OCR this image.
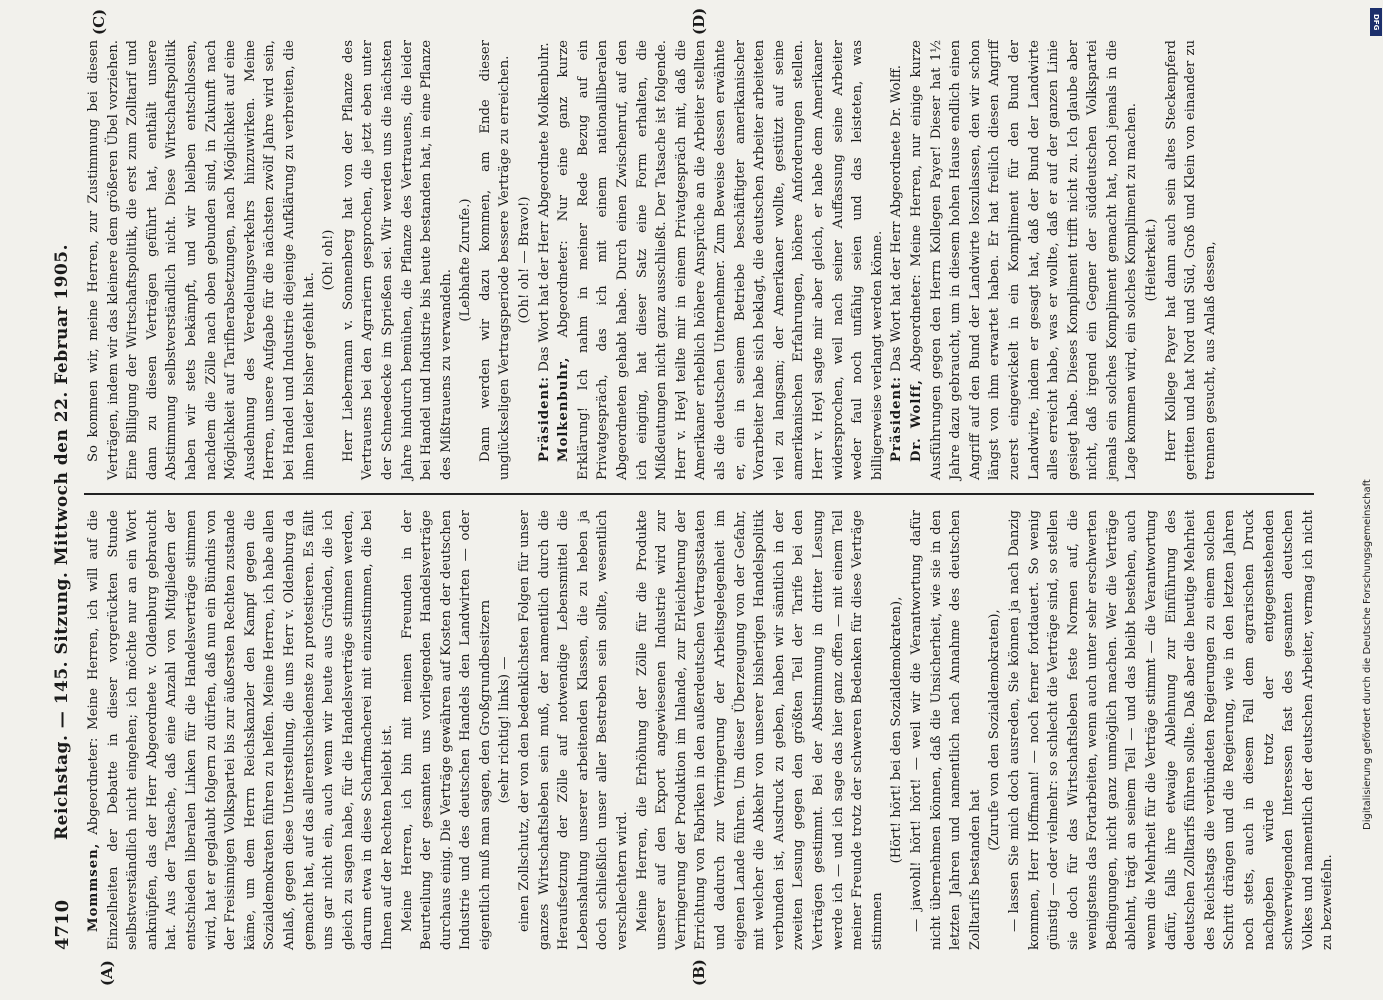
4710
Reichstag. — 145. Sitzung. Mittwoch den 22. Februar 1905.
(A)	(B)
(C)	(D)

Mommsen, Abgeordneter: Meine Herren, ich will auf die Einzelheiten der Debatte in dieser vorgerückten Stunde selbstverständlich nicht eingehen; ich möchte nur an ein Wort anknüpfen, das der Herr Abgeordnete v. Oldenburg gebraucht hat. Aus der Tatsache, daß eine Anzahl von Mitgliedern der entschieden liberalen Linken für die Handelsverträge stimmen wird, hat er geglaubt folgern zu dürfen, daß nun ein Bündnis von der Freisinnigen Volkspartei bis zur äußersten Rechten zustande käme, um dem Herrn Reichskanzler den Kampf gegen die Sozialdemokraten führen zu helfen. Meine Herren, ich habe allen Anlaß, gegen diese Unterstellung, die uns Herr v. Oldenburg da gemacht hat, auf das allerentschiedenste zu protestieren. Es fällt uns gar nicht ein, auch wenn wir heute aus Gründen, die ich gleich zu sagen habe, für die Handelsverträge stimmen werden, darum etwa in diese Scharfmacherei mit einzustimmen, die bei Ihnen auf der Rechten beliebt ist. Meine Herren, ich bin mit meinen Freunden in der Beurteilung der gesamten uns vorliegenden Handelsverträge durchaus einig. Die Verträge gewähren auf Kosten der deutschen Industrie und des deutschen Handels den Landwirten — oder eigentlich muß man sagen, den Großgrundbesitzern (sehr richtig! links) — einen Zollschutz, der von den bedenklichsten Folgen für unser ganzes Wirtschaftsleben sein muß, der namentlich durch die Heraufsetzung der Zölle auf notwendige Lebensmittel die Lebenshaltung unserer arbeitenden Klassen, die zu heben ja doch schließlich unser aller Bestreben sein sollte, wesentlich verschlechtern wird. Meine Herren, die Erhöhung der Zölle für die Produkte unserer auf den Export angewiesenen Industrie wird zur Verringerung der Produktion im Inlande, zur Erleichterung der Errichtung von Fabriken in den außerdeutschen Vertragsstaaten und dadurch zur Verringerung der Arbeitsgelegenheit im eigenen Lande führen. Um dieser Überzeugung von der Gefahr, mit welcher die Abkehr von unserer bisherigen Handelspolitik verbunden ist, Ausdruck zu geben, haben wir sämtlich in der zweiten Lesung gegen den größten Teil der Tarife bei den Verträgen gestimmt. Bei der Abstimmung in dritter Lesung werde ich — und ich sage das hier ganz offen — mit einem Teil meiner Freunde trotz der schweren Bedenken für diese Verträge stimmen

(Hört! hört! bei den Sozialdemokraten), — jawohl! hört! hört! — weil wir die Verantwortung dafür nicht übernehmen können, daß die Unsicherheit, wie sie in den letzten Jahren und namentlich nach Annahme des deutschen Zolltarifs bestanden hat

(Zurufe von den Sozialdemokraten), — lassen Sie mich doch ausreden, Sie können ja nach Danzig kommen, Herr Hoffmann! — noch ferner fortdauert. So wenig günstig — oder vielmehr: so schlecht die Verträge sind, so stellen sie doch für das Wirtschaftsleben feste Normen auf, die wenigstens das Fortarbeiten, wenn auch unter sehr erschwerten Bedingungen, nicht ganz unmöglich machen. Wer die Verträge ablehnt, trägt an seinem Teil — und das bleibt bestehen, auch wenn die Mehrheit für die Verträge stimmt — die Verantwortung dafür, falls ihre etwaige Ablehnung zur Einführung des deutschen Zolltarifs führen sollte. Daß aber die heutige Mehrheit des Reichstags die verbündeten Regierungen zu einem solchen Schritt drängen und die Regierung, wie in den letzten Jahren noch stets, auch in diesem Fall dem agrarischen Druck nachgeben würde trotz der entgegenstehenden schwerwiegenden Interessen fast des gesamten deutschen Volkes und namentlich der deutschen Arbeiter, vermag ich nicht zu bezweifeln.

So kommen wir, meine Herren, zur Zustimmung bei diesen Verträgen, indem wir das kleinere dem größeren Übel vorziehen. Eine Billigung der Wirtschaftspolitik, die erst zum Zolltarif und dann zu diesen Verträgen geführt hat, enthält unsere Abstimmung selbstverständlich nicht. Diese Wirtschaftspolitik haben wir stets bekämpft, und wir bleiben entschlossen, nachdem die Zölle nach oben gebunden sind, in Zukunft nach Möglichkeit auf Tarifherabsetzungen, nach Möglichkeit auf eine Ausdehnung des Veredelungsverkehrs hinzuwirken. Meine Herren, unsere Aufgabe für die nächsten zwölf Jahre wird sein, bei Handel und Industrie diejenige Aufklärung zu verbreiten, die ihnen leider bisher gefehlt hat.

(Oh! oh!) Herr Liebermann v. Sonnenberg hat von der Pflanze des Vertrauens bei den Agrariern gesprochen, die jetzt eben unter der Schneedecke im Sprießen sei. Wir werden uns die nächsten Jahre hindurch bemühen, die Pflanze des Vertrauens, die leider bei Handel und Industrie bis heute bestanden hat, in eine Pflanze des Mißtrauens zu verwandeln.

(Lebhafte Zurufe.) Dann werden wir dazu kommen, am Ende dieser unglückseligen Vertragsperiode bessere Verträge zu erreichen. (Oh! oh! — Bravo!)

Präsident: Das Wort hat der Herr Abgeordnete Molkenbuhr.

Molkenbuhr, Abgeordneter: Nur eine ganz kurze Erklärung! Ich nahm in meiner Rede Bezug auf ein Privatgespräch, das ich mit einem nationalliberalen Abgeordneten gehabt habe. Durch einen Zwischenruf, auf den ich einging, hat dieser Satz eine Form erhalten, die Mißdeutungen nicht ganz ausschließt. Der Tatsache ist folgende. Herr v. Heyl teilte mir in einem Privatgespräch mit, daß die Amerikaner erheblich höhere Ansprüche an die Arbeiter stellten als die deutschen Unternehmer. Zum Beweise dessen erwähnte er, ein in seinem Betriebe beschäftigter amerikanischer Vorarbeiter habe sich beklagt, die deutschen Arbeiter arbeiteten viel zu langsam; der Amerikaner wollte, gestützt auf seine amerikanischen Erfahrungen, höhere Anforderungen stellen. Herr v. Heyl sagte mir aber gleich, er habe dem Amerikaner widersprochen, weil nach seiner Auffassung seine Arbeiter weder faul noch unfähig seien und das leisteten, was billigerweise verlangt werden könne. Präsident: Das Wort hat der Herr Abgeordnete Dr. Wolff.

Dr. Wolff, Abgeordneter: Meine Herren, nur einige kurze Ausführungen gegen den Herrn Kollegen Payer! Dieser hat 1½ Jahre dazu gebraucht, um in diesem hohen Hause endlich einen Angriff auf den Bund der Landwirte loszulassen, den wir schon längst von ihm erwartet haben. Er hat freilich diesen Angriff zuerst eingewickelt in ein Kompliment für den Bund der Landwirte, indem er gesagt hat, daß der Bund der Landwirte alles erreicht habe, was er wollte, daß er auf der ganzen Linie gesiegt habe. Dieses Kompliment trifft nicht zu. Ich glaube aber nicht, daß irgend ein Gegner der süddeutschen Volkspartei jemals ein solches Kompliment gemacht hat, noch jemals in die Lage kommen wird, ein solches Kompliment zu machen. (Heiterkeit.) Herr Kollege Payer hat dann auch sein altes Steckenpferd geritten und hat Nord und Süd, Groß und Klein von einander zu trennen gesucht, aus Anlaß dessen,

DFG
Digitalisierung gefördert durch die Deutsche Forschungsgemeinschaft
